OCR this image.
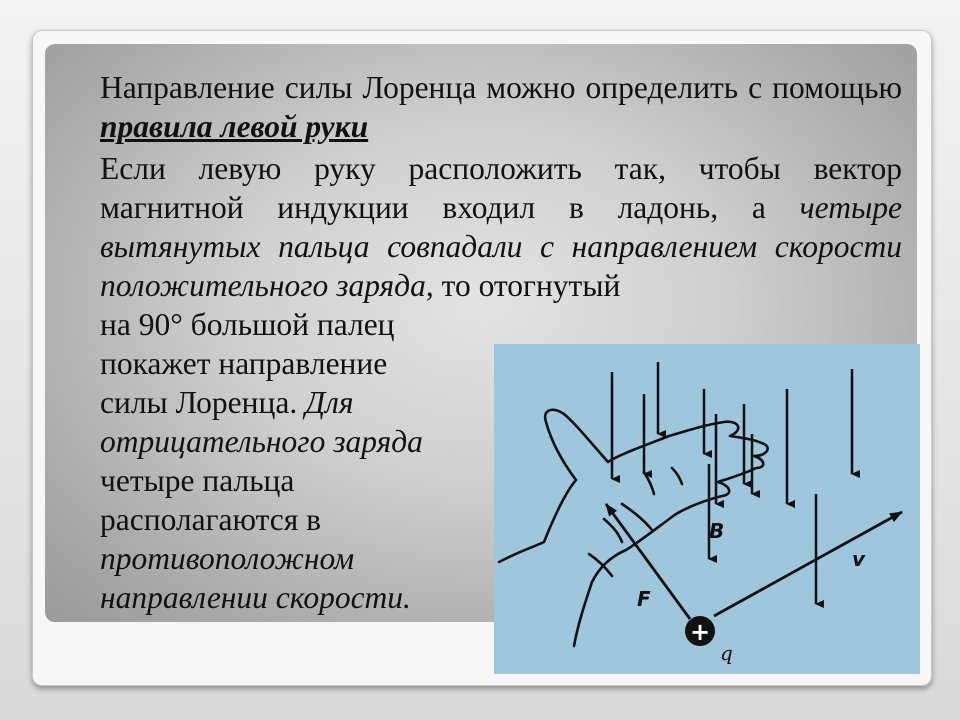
Направление силы Лоренца можно определить с помощью правила левой руки

Если левую руку расположить так, чтобы вектор магнитной индукции входил в ладонь, а четыре вытянутых пальца совпадали с направлением скорости положительного заряда, то отогнутый

на 90° большой палец
покажет направление
силы Лоренца. Для
отрицательного заряда
четыре пальца
располагаются в
противоположном
направлении скорости.
+
B
F
v
q
